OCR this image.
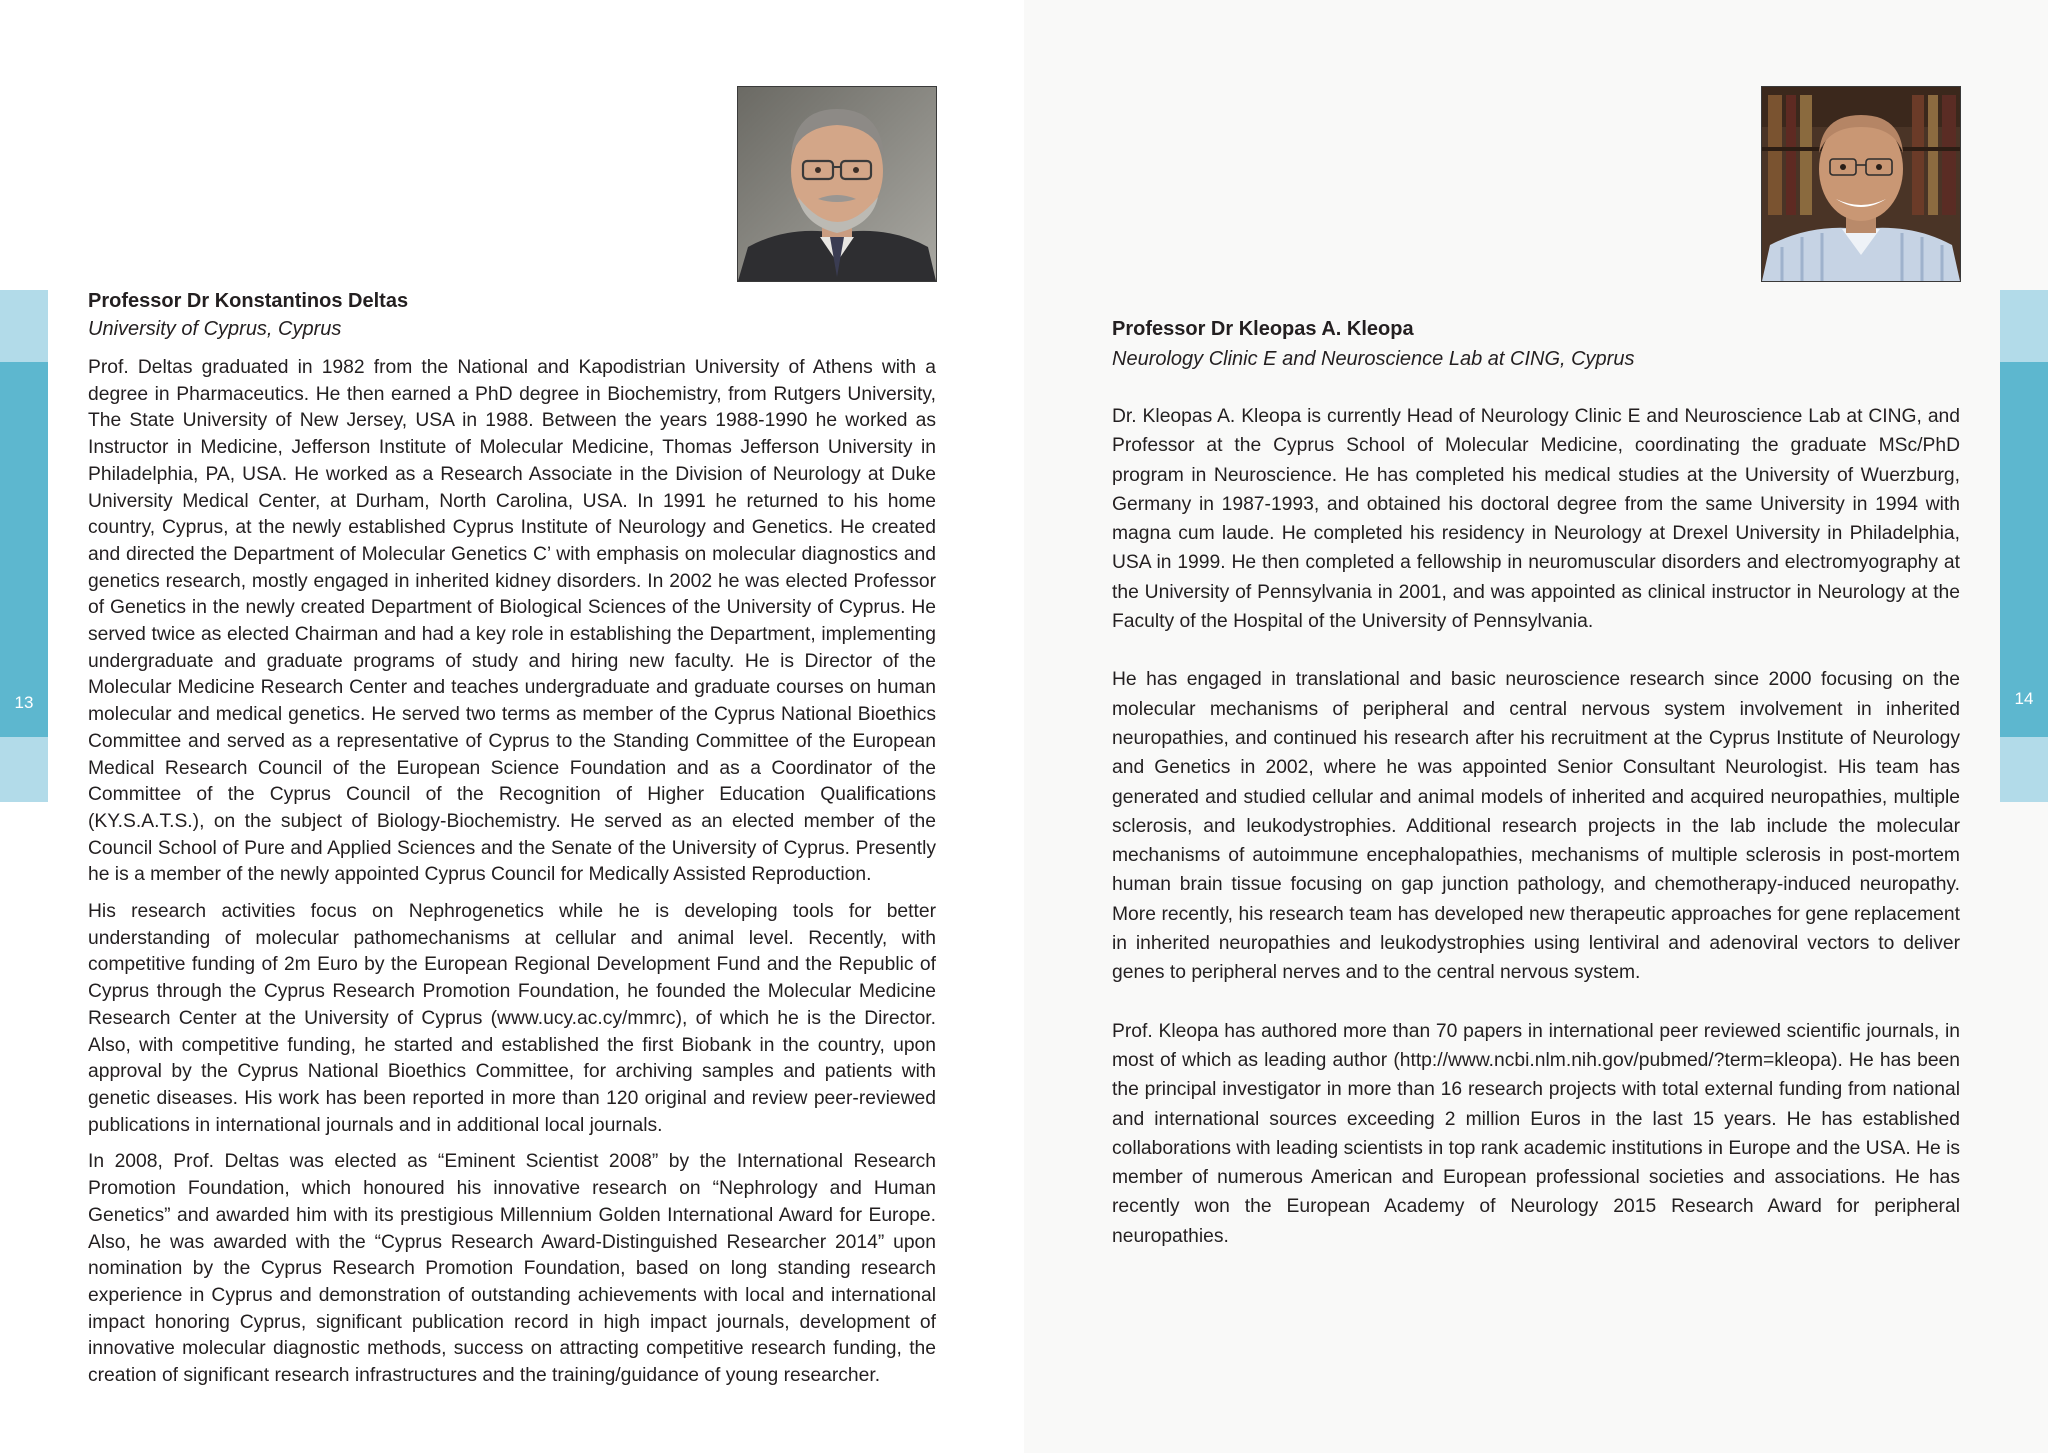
13
Professor Dr Konstantinos Deltas
University of Cyprus, Cyprus

Prof. Deltas graduated in 1982 from the National and Kapodistrian University of Athens with a degree in Pharmaceutics. He then earned a PhD degree in Biochemistry, from Rutgers University, The State University of New Jersey, USA in 1988. Between the years 1988-1990 he worked as Instructor in Medicine, Jefferson Institute of Molecular Medicine, Thomas Jefferson University in Philadelphia, PA, USA. He worked as a Research Associate in the Division of Neurology at Duke University Medical Center, at Durham, North Carolina, USA. In 1991 he returned to his home country, Cyprus, at the newly established Cyprus Institute of Neurology and Genetics. He created and directed the Department of Molecular Genetics C’ with emphasis on molecular diagnostics and genetics research, mostly engaged in inherited kidney disorders. In 2002 he was elected Professor of Genetics in the newly created Department of Biological Sciences of the University of Cyprus. He served twice as elected Chairman and had a key role in establishing the Department, implementing undergraduate and graduate programs of study and hiring new faculty. He is Director of the Molecular Medicine Research Center and teaches undergraduate and graduate courses on human molecular and medical genetics. He served two terms as member of the Cyprus National Bioethics Committee and served as a representative of Cyprus to the Standing Committee of the European Medical Research Council of the European Science Foundation and as a Coordinator of the Committee of the Cyprus Council of the Recognition of Higher Education Qualifications (KY.S.A.T.S.), on the subject of Biology-Biochemistry. He served as an elected member of the Council School of Pure and Applied Sciences and the Senate of the University of Cyprus. Presently he is a member of the newly appointed Cyprus Council for Medically Assisted Reproduction.

His research activities focus on Nephrogenetics while he is developing tools for better understanding of molecular pathomechanisms at cellular and animal level. Recently, with competitive funding of 2m Euro by the European Regional Development Fund and the Republic of Cyprus through the Cyprus Research Promotion Foundation, he founded the Molecular Medicine Research Center at the University of Cyprus (www.ucy.ac.cy/mmrc), of which he is the Director. Also, with competitive funding, he started and established the first Biobank in the country, upon approval by the Cyprus National Bioethics Committee, for archiving samples and patients with genetic diseases. His work has been reported in more than 120 original and review peer-reviewed publications in international journals and in additional local journals.

In 2008, Prof. Deltas was elected as “Eminent Scientist 2008” by the International Research Promotion Foundation, which honoured his innovative research on “Nephrology and Human Genetics” and awarded him with its prestigious Millennium Golden International Award for Europe. Also, he was awarded with the “Cyprus Research Award-Distinguished Researcher 2014” upon nomination by the Cyprus Research Promotion Foundation, based on long standing research experience in Cyprus and demonstration of outstanding achievements with local and international impact honoring Cyprus, significant publication record in high impact journals, development of innovative molecular diagnostic methods, success on attracting competitive research funding, the creation of significant research infrastructures and the training/guidance of young researcher.

Professor Dr Kleopas A. Kleopa
Neurology Clinic E and Neuroscience Lab at CING, Cyprus

Dr. Kleopas A. Kleopa is currently Head of Neurology Clinic E and Neuroscience Lab at CING, and Professor at the Cyprus School of Molecular Medicine, coordinating the graduate MSc/PhD program in Neuroscience. He has completed his medical studies at the University of Wuerzburg, Germany in 1987-1993, and obtained his doctoral degree from the same University in 1994 with magna cum laude. He completed his residency in Neurology at Drexel University in Philadelphia, USA in 1999. He then completed a fellowship in neuromuscular disorders and electromyography at the University of Pennsylvania in 2001, and was appointed as clinical instructor in Neurology at the Faculty of the Hospital of the University of Pennsylvania.

He has engaged in translational and basic neuroscience research since 2000 focusing on the molecular mechanisms of peripheral and central nervous system involvement in inherited neuropathies, and continued his research after his recruitment at the Cyprus Institute of Neurology and Genetics in 2002, where he was appointed Senior Consultant Neurologist. His team has generated and studied cellular and animal models of inherited and acquired neuropathies, multiple sclerosis, and leukodystrophies. Additional research projects in the lab include the molecular mechanisms of autoimmune encephalopathies, mechanisms of multiple sclerosis in post-mortem human brain tissue focusing on gap junction pathology, and chemotherapy-induced neuropathy. More recently, his research team has developed new therapeutic approaches for gene replacement in inherited neuropathies and leukodystrophies using lentiviral and adenoviral vectors to deliver genes to peripheral nerves and to the central nervous system.

Prof. Kleopa has authored more than 70 papers in international peer reviewed scientific journals, in most of which as leading author (http://www.ncbi.nlm.nih.gov/pubmed/?term=kleopa). He has been the principal investigator in more than 16 research projects with total external funding from national and international sources exceeding 2 million Euros in the last 15 years. He has established collaborations with leading scientists in top rank academic institutions in Europe and the USA. He is member of numerous American and European professional societies and associations. He has recently won the European Academy of Neurology 2015 Research Award for peripheral neuropathies.

14
